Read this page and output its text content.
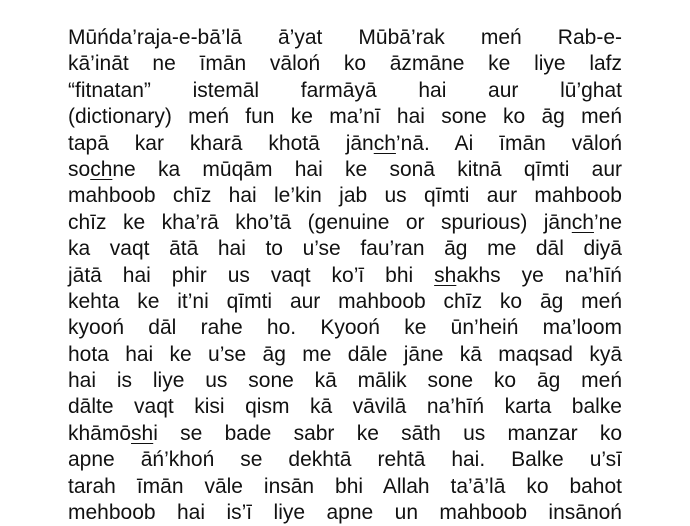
Mūńda’raja-e-bā’lā ā’yat Mūbā’rak meń Rab-e-
kā’ināt ne īmān vāloń ko āzmāne ke liye lafz
“fitnatan” istemāl farmāyā hai aur lū’ghat
(dictionary) meń fun ke ma’nī hai sone ko āg meń
tapā kar kharā khotā jānch’nā. Ai īmān vāloń
sochne ka mūqām hai ke sonā kitnā qīmti aur
mahboob chīz hai le’kin jab us qīmti aur mahboob
chīz ke kha’rā kho’tā (genuine or spurious) jānch’ne
ka vaqt ātā hai to u’se fau’ran āg me dāl diyā
jātā hai phir us vaqt ko’ī bhi shakhs ye na’hīń
kehta ke it’ni qīmti aur mahboob chīz ko āg meń
kyooń dāl rahe ho. Kyooń ke ūn’heiń ma’loom
hota hai ke u’se āg me dāle jāne kā maqsad kyā
hai is liye us sone kā mālik sone ko āg meń
dālte vaqt kisi qism kā vāvilā na’hīń karta balke
khāmōshi se bade sabr ke sāth us manzar ko
apne āń’khoń se dekhtā rehtā hai. Balke u’sī
tarah īmān vāle insān bhi Allah ta’ā’lā ko bahot
mehboob hai is’ī liye apne un mahboob insānoń
